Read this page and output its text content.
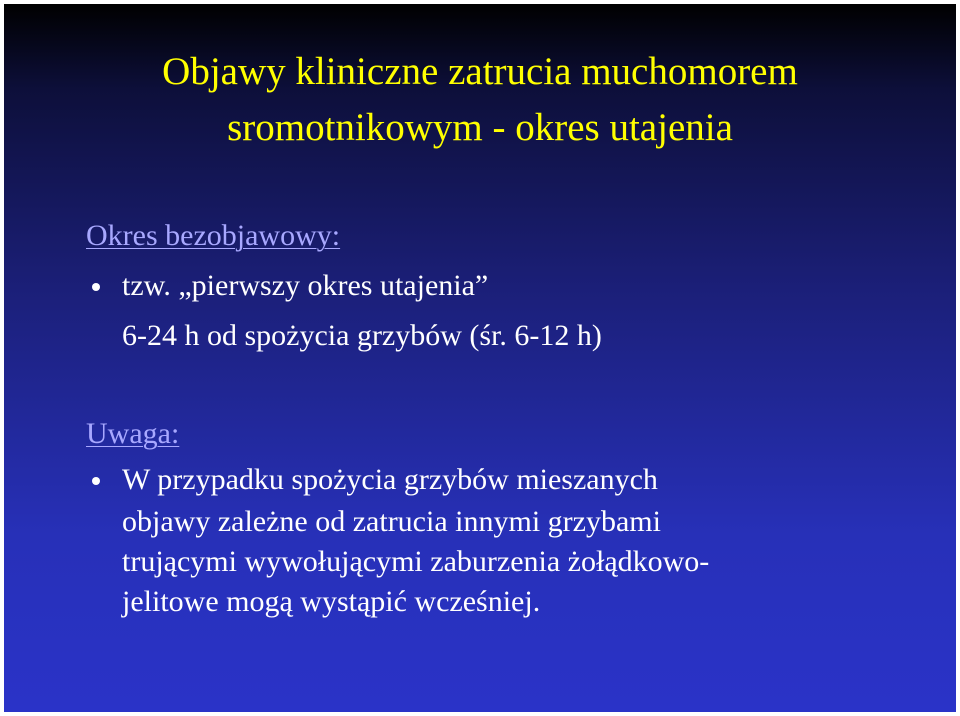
Objawy kliniczne zatrucia muchomorem
sromotnikowym - okres utajenia
Okres bezobjawowy:
tzw. „pierwszy okres utajenia”
6-24 h od spożycia grzybów (śr. 6-12 h)
Uwaga:
W przypadku spożycia grzybów mieszanych
objawy zależne od zatrucia innymi grzybami
trującymi wywołującymi zaburzenia żołądkowo-
jelitowe mogą wystąpić wcześniej.
